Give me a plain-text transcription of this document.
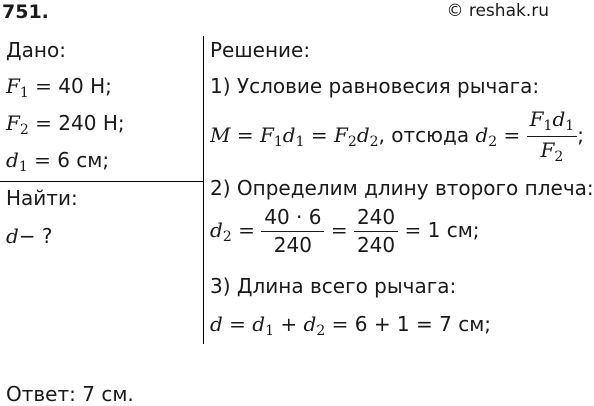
751.	© reshak.ru
Дано:
F1 = 40 Н;
F2 = 240 Н;
d1 = 6 см;
Найти:
d− ?
Решение:
1) Условие равновесия рычага:
M = F1d1 = F2d2, отсюда $d2 = \frac{F1d1}{F2}$ ;
2) Определим длину второго плеча:
$d2 = \frac{40 \cdot 6}{240} = \frac{240}{240} = 1$ см;
3) Длина всего рычага:
d = d1 + d2 = 6 + 1 = 7 см;
Ответ: 7 см.
